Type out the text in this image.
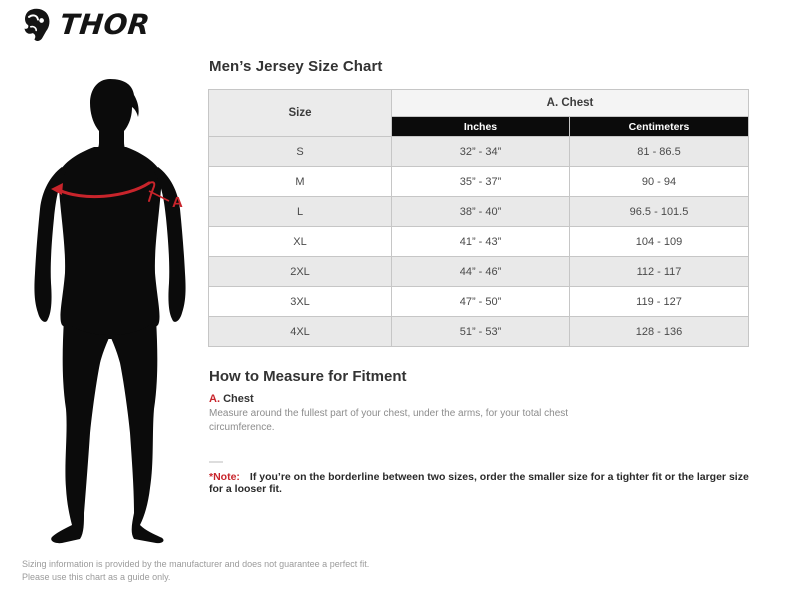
THOR
A
Men’s Jersey Size Chart
Size	A. Chest	
	Inches	Centimeters
S	32” - 34”	81 - 86.5
M	35” - 37”	90 - 94
L	38” - 40”	96.5 - 101.5
XL	41” - 43”	104 - 109
2XL	44” - 46”	112 - 117
3XL	47” - 50”	119 - 127
4XL	51” - 53”	128 - 136
How to Measure for Fitment
A. Chest

Measure around the fullest part of your chest, under the arms, for your total chest circumference.

*Note: If you’re on the borderline between two sizes, order the smaller size for a tighter fit or the larger size for a looser fit.

Sizing information is provided by the manufacturer and does not guarantee a perfect fit.

Please use this chart as a guide only.
